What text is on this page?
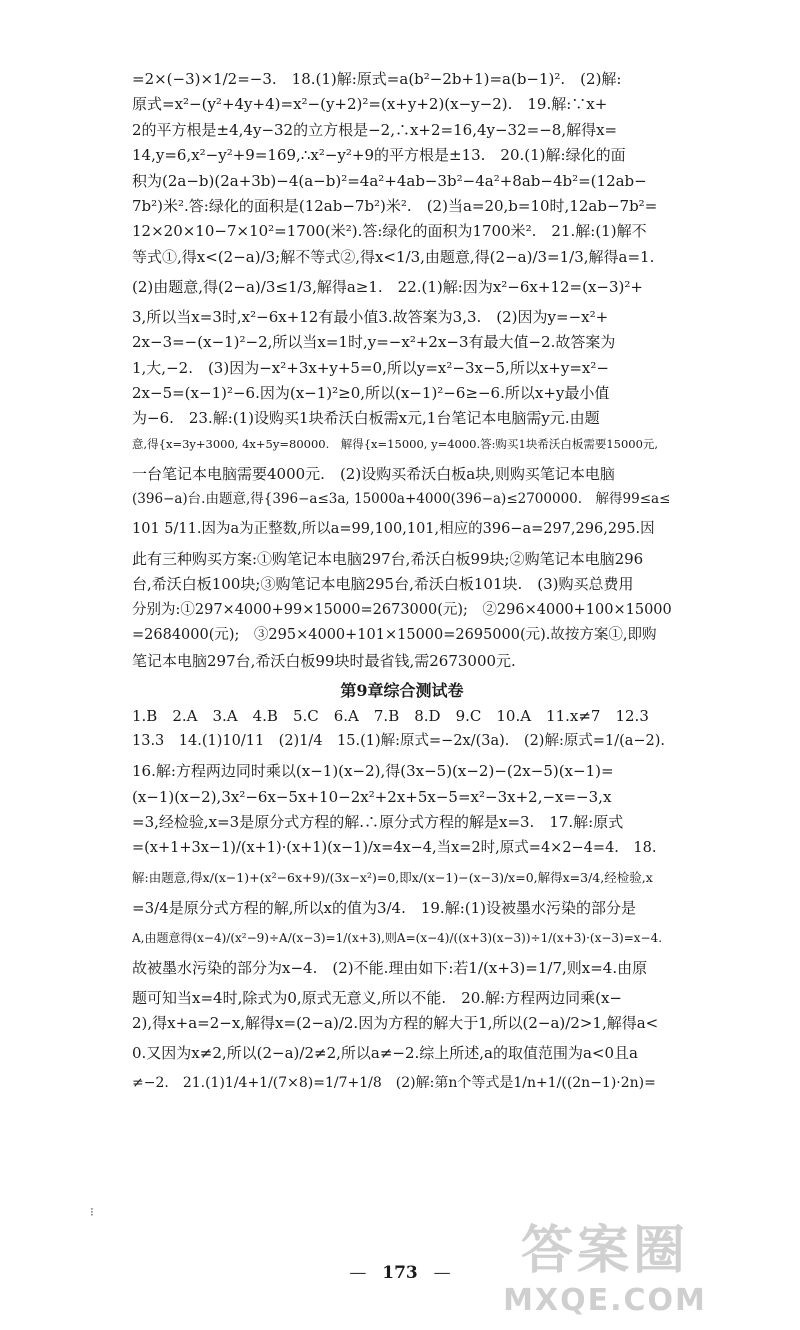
=2×(−3)×1/2=−3.　18.(1)解:原式=a(b²−2b+1)=a(b−1)².　(2)解:
原式=x²−(y²+4y+4)=x²−(y+2)²=(x+y+2)(x−y−2).　19.解:∵x+
2的平方根是±4,4y−32的立方根是−2,∴x+2=16,4y−32=−8,解得x=
14,y=6,x²−y²+9=169,∴x²−y²+9的平方根是±13.　20.(1)解:绿化的面
积为(2a−b)(2a+3b)−4(a−b)²=4a²+4ab−3b²−4a²+8ab−4b²=(12ab−
7b²)米².答:绿化的面积是(12ab−7b²)米².　(2)当a=20,b=10时,12ab−7b²=
12×20×10−7×10²=1700(米²).答:绿化的面积为1700米².　21.解:(1)解不
等式①,得x<(2−a)/3;解不等式②,得x<1/3,由题意,得(2−a)/3=1/3,解得a=1.
(2)由题意,得(2−a)/3≤1/3,解得a≥1.　22.(1)解:因为x²−6x+12=(x−3)²+
3,所以当x=3时,x²−6x+12有最小值3.故答案为3,3.　(2)因为y=−x²+
2x−3=−(x−1)²−2,所以当x=1时,y=−x²+2x−3有最大值−2.故答案为
1,大,−2.　(3)因为−x²+3x+y+5=0,所以y=x²−3x−5,所以x+y=x²−
2x−5=(x−1)²−6.因为(x−1)²≥0,所以(x−1)²−6≥−6.所以x+y最小值
为−6.　23.解:(1)设购买1块希沃白板需x元,1台笔记本电脑需y元.由题
意,得{x=3y+3000, 4x+5y=80000.　解得{x=15000, y=4000.答:购买1块希沃白板需要15000元,
一台笔记本电脑需要4000元.　(2)设购买希沃白板a块,则购买笔记本电脑
(396−a)台.由题意,得{396−a≤3a, 15000a+4000(396−a)≤2700000.　解得99≤a≤
101 5/11.因为a为正整数,所以a=99,100,101,相应的396−a=297,296,295.因
此有三种购买方案:①购笔记本电脑297台,希沃白板99块;②购笔记本电脑296
台,希沃白板100块;③购笔记本电脑295台,希沃白板101块.　(3)购买总费用
分别为:①297×4000+99×15000=2673000(元);　②296×4000+100×15000
=2684000(元);　③295×4000+101×15000=2695000(元).故按方案①,即购
笔记本电脑297台,希沃白板99块时最省钱,需2673000元.
第9章综合测试卷
1.B　2.A　3.A　4.B　5.C　6.A　7.B　8.D　9.C　10.A　11.x≠7　12.3
13.3　14.(1)10/11　(2)1/4　15.(1)解:原式=−2x/(3a).　(2)解:原式=1/(a−2).
16.解:方程两边同时乘以(x−1)(x−2),得(3x−5)(x−2)−(2x−5)(x−1)=
(x−1)(x−2),3x²−6x−5x+10−2x²+2x+5x−5=x²−3x+2,−x=−3,x
=3,经检验,x=3是原分式方程的解.∴原分式方程的解是x=3.　17.解:原式
=(x+1+3x−1)/(x+1)·(x+1)(x−1)/x=4x−4,当x=2时,原式=4×2−4=4.　18.
解:由题意,得x/(x−1)+(x²−6x+9)/(3x−x²)=0,即x/(x−1)−(x−3)/x=0,解得x=3/4,经检验,x
=3/4是原分式方程的解,所以x的值为3/4.　19.解:(1)设被墨水污染的部分是
A,由题意得(x−4)/(x²−9)÷A/(x−3)=1/(x+3),则A=(x−4)/((x+3)(x−3))÷1/(x+3)·(x−3)=x−4.
故被墨水污染的部分为x−4.　(2)不能.理由如下:若1/(x+3)=1/7,则x=4.由原
题可知当x=4时,除式为0,原式无意义,所以不能.　20.解:方程两边同乘(x−
2),得x+a=2−x,解得x=(2−a)/2.因为方程的解大于1,所以(2−a)/2>1,解得a<
0.又因为x≠2,所以(2−a)/2≠2,所以a≠−2.综上所述,a的取值范围为a<0且a
≠−2.　21.(1)1/4+1/(7×8)=1/7+1/8　(2)解:第n个等式是1/n+1/((2n−1)·2n)=
⁝
— 173 —	答案圈
MXQE.COM
